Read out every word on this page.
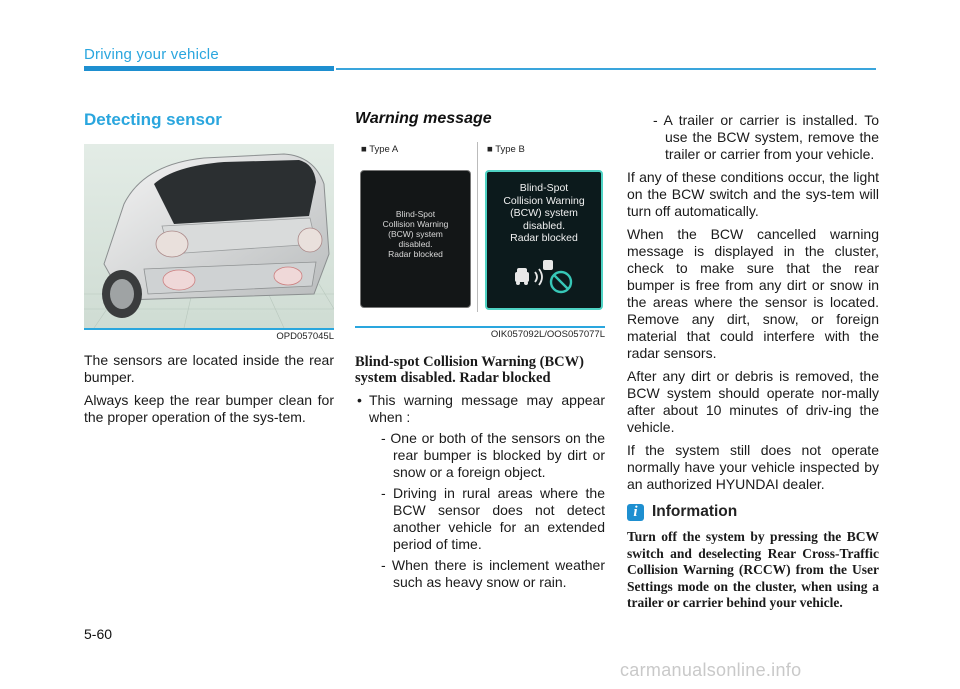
Driving your vehicle
Detecting sensor
OPD057045L

The sensors are located inside the rear bumper.

Always keep the rear bumper clean for the proper operation of the sys-tem.

Warning message
■ Type A	■ Type B
Blind-Spot
Collision Warning
(BCW) system
disabled.
Radar blocked
Blind-Spot
Collision Warning
(BCW) system
disabled.
Radar blocked
OIK057092L/OOS057077L
Blind-spot Collision Warning (BCW) system disabled. Radar blocked
• This warning message may appear when :
- One or both of the sensors on the rear bumper is blocked by dirt or snow or a foreign object.
- Driving in rural areas where the BCW sensor does not detect another vehicle for an extended period of time.
- When there is inclement weather such as heavy snow or rain.
- A trailer or carrier is installed. To use the BCW system, remove the trailer or carrier from your vehicle.

If any of these conditions occur, the light on the BCW switch and the sys-tem will turn off automatically.

When the BCW cancelled warning message is displayed in the cluster, check to make sure that the rear bumper is free from any dirt or snow in the areas where the sensor is located. Remove any dirt, snow, or foreign material that could interfere with the radar sensors.

After any dirt or debris is removed, the BCW system should operate nor-mally after about 10 minutes of driv-ing the vehicle.

If the system still does not operate normally have your vehicle inspected by an authorized HYUNDAI dealer.

i Information
Turn off the system by pressing the BCW switch and deselecting Rear Cross-Traffic Collision Warning (RCCW) from the User Settings mode on the cluster, when using a trailer or carrier behind your vehicle.
5-60
carmanualsonline.info
